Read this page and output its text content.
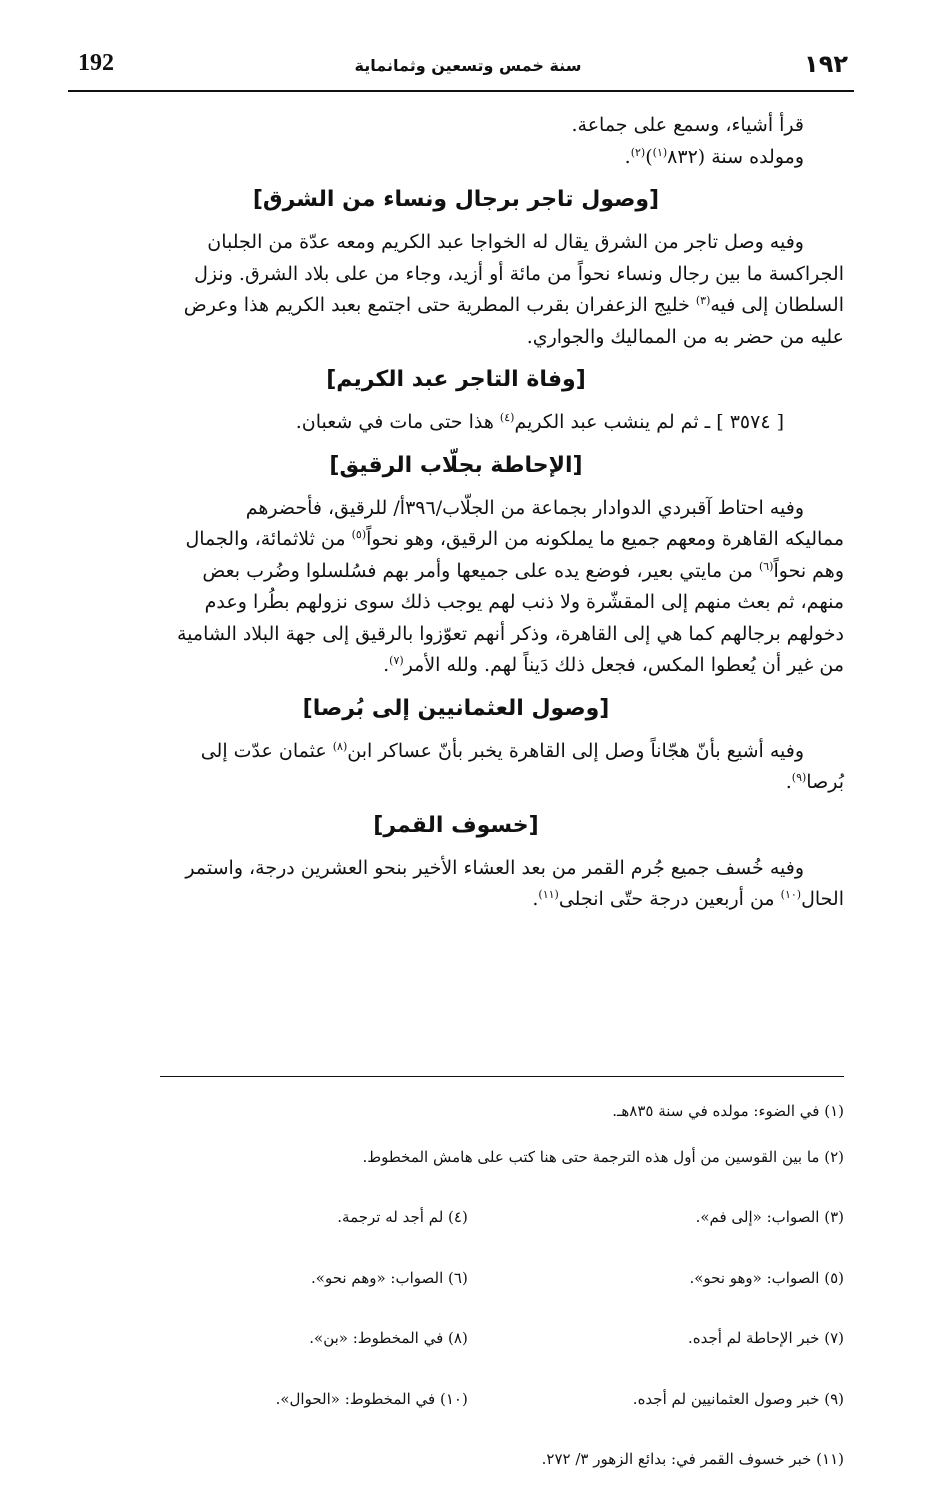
192	سنة خمس وتسعين وثمانماية	١٩٢

قرأ أشياء، وسمع على جماعة.

ومولده سنة (٨٣٢$^{(١)}$)$^{(٢)}$.

[وصول تاجر برجال ونساء من الشرق]

وفيه وصل تاجر من الشرق يقال له الخواجا عبد الكريم ومعه عدّة من الجلبان

الجراكسة ما بين رجال ونساء نحواً من مائة أو أزيد، وجاء من على بلاد الشرق. ونزل

السلطان إلى فيه$^{(٣)}$ خليج الزعفران بقرب المطرية حتى اجتمع بعبد الكريم هذا وعرض

عليه من حضر به من المماليك والجواري.

[وفاة التاجر عبد الكريم]

[ ٣٥٧٤ ] ـ ثم لم ينشب عبد الكريم$^{(٤)}$ هذا حتى مات في شعبان.

[الإحاطة بجلّاب الرقيق]

وفيه احتاط آقبردي الدوادار بجماعة من الجلّاب/٣٩٦أ/ للرقيق، فأحضرهم

مماليكه القاهرة ومعهم جميع ما يملكونه من الرقيق، وهو نحواً$^{(٥)}$ من ثلاثمائة، والجمال

وهم نحواً$^{(٦)}$ من مايتي بعير، فوضع يده على جميعها وأمر بهم فسُلسلوا وضُرب بعض

منهم، ثم بعث منهم إلى المقشّرة ولا ذنب لهم يوجب ذلك سوى نزولهم بطُرا وعدم

دخولهم برجالهم كما هي إلى القاهرة، وذكر أنهم تعوّزوا بالرقيق إلى جهة البلاد الشامية

من غير أن يُعطوا المكس، فجعل ذلك دَيناً لهم. ولله الأمر$^{(٧)}$.

[وصول العثمانيين إلى بُرصا]

وفيه أشيع بأنّ هجّاناً وصل إلى القاهرة يخبر بأنّ عساكر ابن$^{(٨)}$ عثمان عدّت إلى

بُرصا$^{(٩)}$.

[خسوف القمر]

وفيه خُسف جميع جُرم القمر من بعد العشاء الأخير بنحو العشرين درجة، واستمر

الحال$^{(١٠)}$ من أربعين درجة حتّى انجلى$^{(١١)}$.

(١) في الضوء: مولده في سنة ٨٣٥هـ.

(٢) ما بين القوسين من أول هذه الترجمة حتى هنا كتب على هامش المخطوط.

(٣) الصواب: «إلى فم».

(٤) لم أجد له ترجمة.

(٥) الصواب: «وهو نحو».

(٦) الصواب: «وهم نحو».

(٧) خبر الإحاطة لم أجده.

(٨) في المخطوط: «بن».

(٩) خبر وصول العثمانيين لم أجده.

(١٠) في المخطوط: «الحوال».

(١١) خبر خسوف القمر في: بدائع الزهور ٣/ ٢٧٢.
